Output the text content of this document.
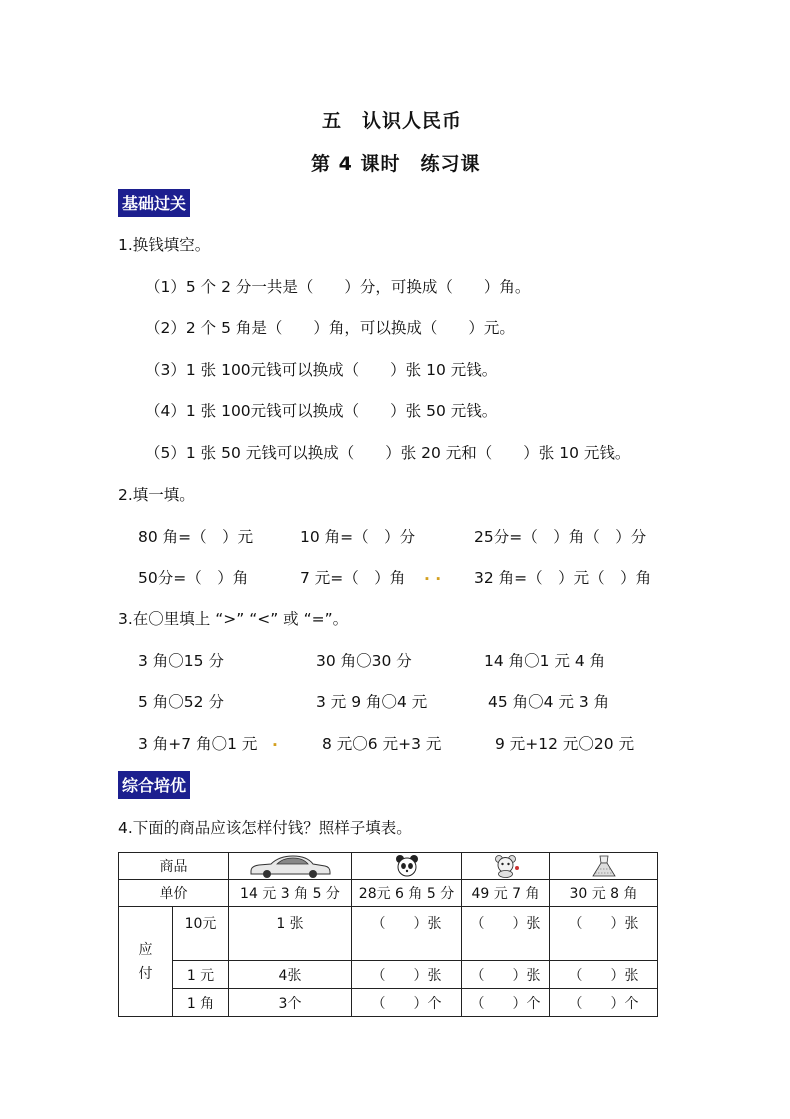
五　认识人民币
第 4 课时　练习课
基础过关
1.换钱填空。
（1）5 个 2 分一共是（　　）分，可换成（　　）角。
（2）2 个 5 角是（　　）角，可以换成（　　）元。
（3）1 张 100元钱可以换成（　　）张 10 元钱。
（4）1 张 100元钱可以换成（　　）张 50 元钱。
（5）1 张 50 元钱可以换成（　　）张 20 元和（　　）张 10 元钱。
2.填一填。
80 角=（　）元	10 角=（　）分	25分=（　）角（　）分
50分=（　）角	7 元=（　）角 . . 32 角=（　）元（　）角
3.在〇里填上 “>” “<” 或 “=”。
3 角〇15 分	30 角〇30 分	14 角〇1 元 4 角
5 角〇52 分	3 元 9 角〇4 元	45 角〇4 元 3 角
3 角+7 角〇1 元 .	8 元〇6 元+3 元	9 元+12 元〇20 元
综合培优
4.下面的商品应该怎样付钱？照样子填表。
商品	

单价		14 元 3 角 5 分	28元 6 角 5 分	49 元 7 角	30 元 8 角

应
付	10元	1 张	（　　）张	（　　）张	（　　）张
	1 元	4张	（　　）张	（　　）张	（　　）张
	1 角	3个	（　　）个	（　　）个	（　　）个
